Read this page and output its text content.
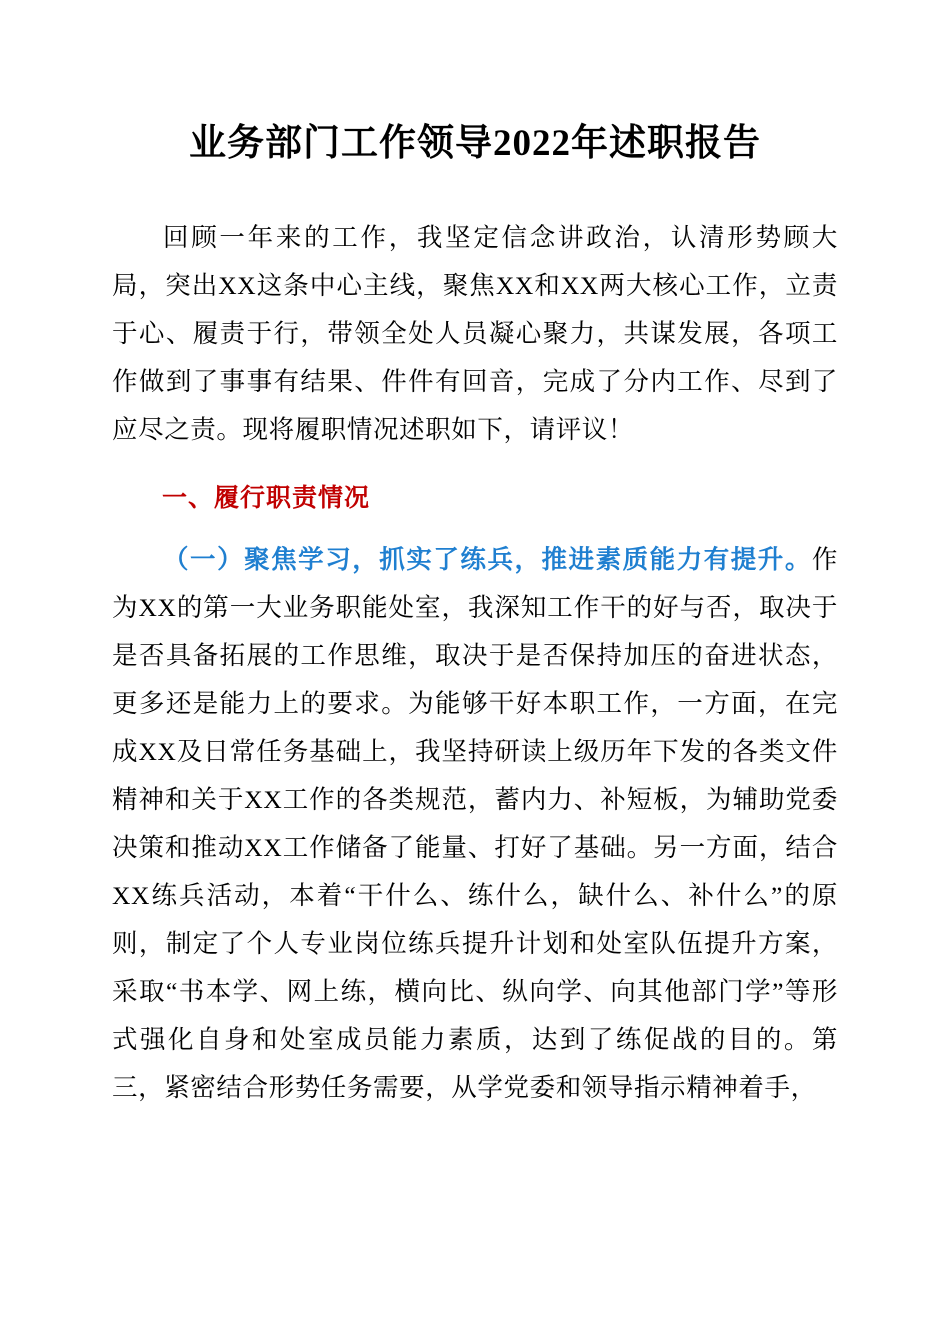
业务部门工作领导2022年述职报告

回顾一年来的工作，我坚定信念讲政治，认清形势顾大局，突出XX这条中心主线，聚焦XX和XX两大核心工作，立责于心、履责于行，带领全处人员凝心聚力，共谋发展，各项工作做到了事事有结果、件件有回音，完成了分内工作、尽到了应尽之责。现将履职情况述职如下，请评议！

一、履行职责情况

（一）聚焦学习，抓实了练兵，推进素质能力有提升。作为XX的第一大业务职能处室，我深知工作干的好与否，取决于是否具备拓展的工作思维，取决于是否保持加压的奋进状态，更多还是能力上的要求。为能够干好本职工作，一方面，在完成XX及日常任务基础上，我坚持研读上级历年下发的各类文件精神和关于XX工作的各类规范，蓄内力、补短板，为辅助党委决策和推动XX工作储备了能量、打好了基础。另一方面，结合XX练兵活动，本着“干什么、练什么，缺什么、补什么”的原则，制定了个人专业岗位练兵提升计划和处室队伍提升方案，采取“书本学、网上练，横向比、纵向学、向其他部门学”等形式强化自身和处室成员能力素质，达到了练促战的目的。第三，紧密结合形势任务需要，从学党委和领导指示精神着手，
